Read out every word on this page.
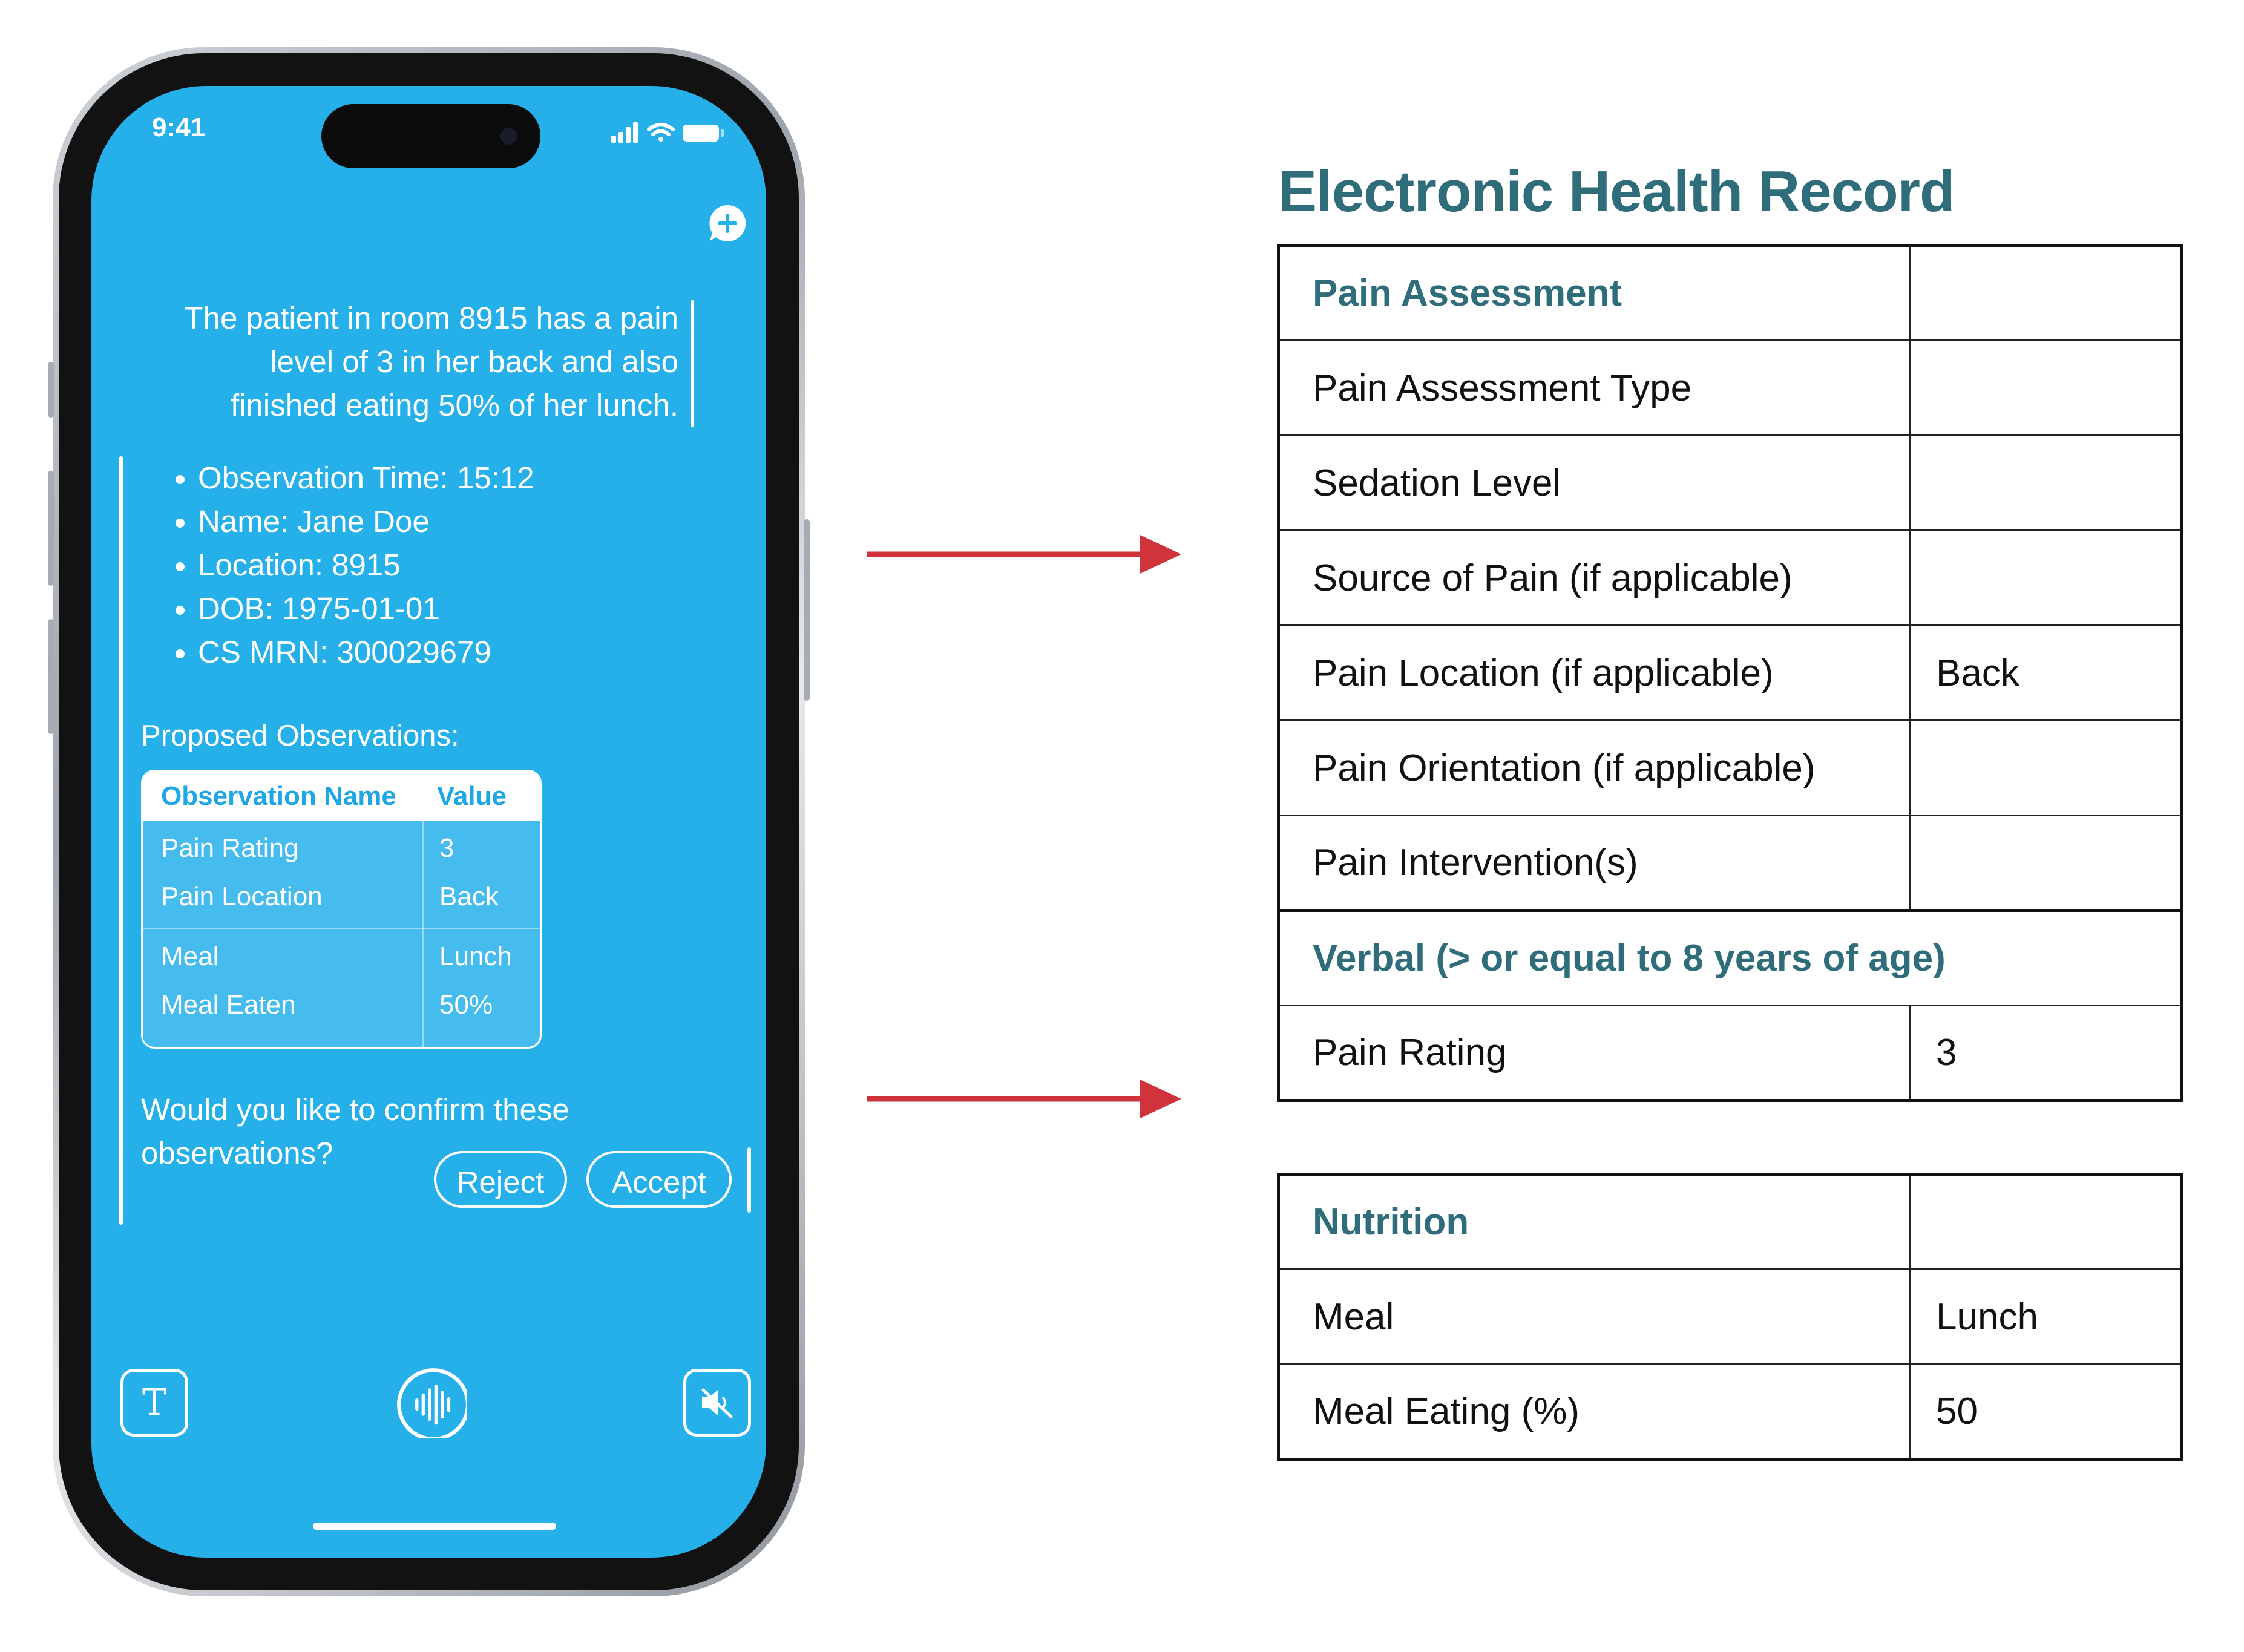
9:41
The patient in room 8915 has a pain level of 3 in her back and also finished eating 50% of her lunch.
• Observation Time: 15:12
• Name: Jane Doe
• Location: 8915
• DOB: 1975-01-01
• CS MRN: 300029679
Proposed Observations:
Observation Name Value
Pain Rating	3
Pain Location	Back
Meal	Lunch
Meal Eaten	50%
Would you like to confirm these observations?
Reject	Accept
T
Electronic Health Record
Pain Assessment	
Pain Assessment Type	
Sedation Level	
Source of Pain (if applicable)	
Pain Location (if applicable)	Back
Pain Orientation (if applicable)	
Pain Intervention(s)	
Verbal (> or equal to 8 years of age)	
Pain Rating	3
Nutrition	
Meal	Lunch
Meal Eating (%)	50
